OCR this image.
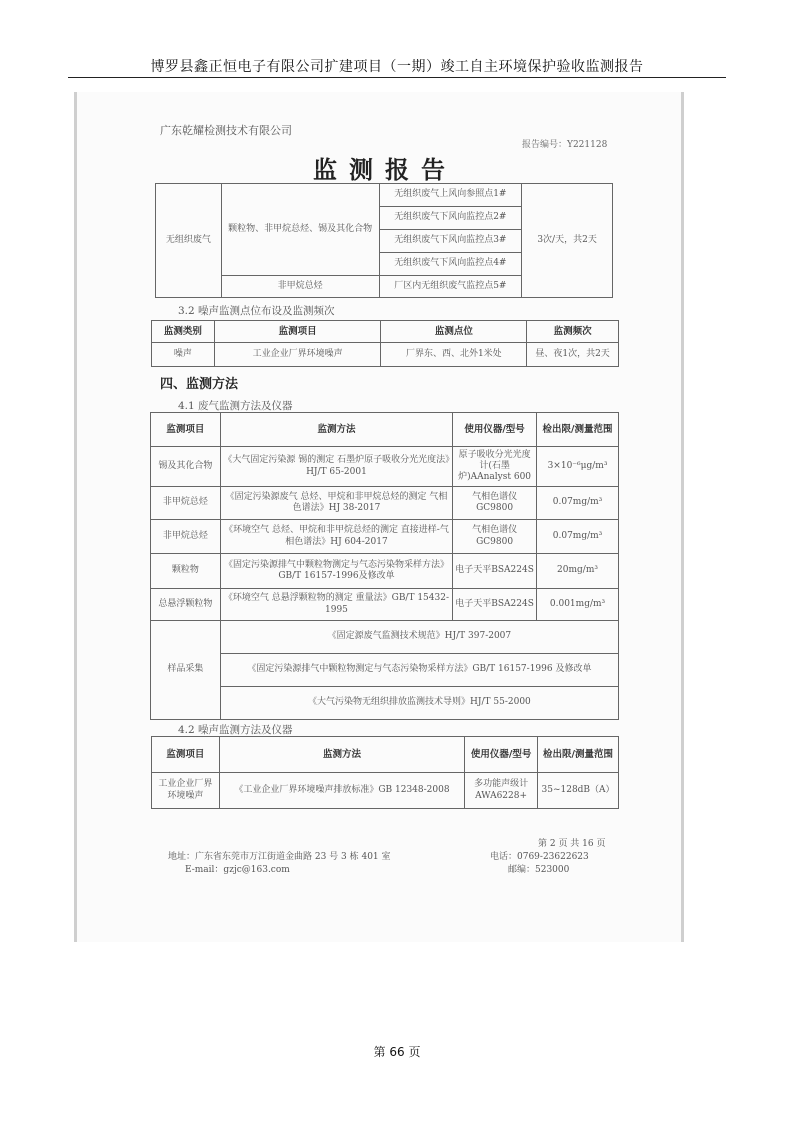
博罗县鑫正恒电子有限公司扩建项目（一期）竣工自主环境保护验收监测报告
广东乾耀检测技术有限公司
报告编号：Y221128
监测报告
无组织废气	颗粒物、非甲烷总烃、锡及其化合物	无组织废气上风向参照点1#	3次/天，共2天
		无组织废气下风向监控点2#	
		无组织废气下风向监控点3#	
		无组织废气下风向监控点4#	
	非甲烷总烃	厂区内无组织废气监控点5#	
3.2 噪声监测点位布设及监测频次
监测类别	监测项目	监测点位	监测频次
噪声	工业企业厂界环境噪声	厂界东、西、北外1米处	昼、夜1次，共2天
四、监测方法
4.1 废气监测方法及仪器
监测项目	监测方法	使用仪器/型号	检出限/测量范围
锡及其化合物	《大气固定污染源 锡的测定 石墨炉原子吸收分光光度法》HJ/T 65-2001	原子吸收分光光度计(石墨炉)AAnalyst 600	3×10⁻⁶μg/m³
非甲烷总烃	《固定污染源废气 总烃、甲烷和非甲烷总烃的测定 气相色谱法》HJ 38-2017	气相色谱仪GC9800	0.07mg/m³
非甲烷总烃	《环境空气 总烃、甲烷和非甲烷总烃的测定 直接进样-气相色谱法》HJ 604-2017	气相色谱仪GC9800	0.07mg/m³
颗粒物	《固定污染源排气中颗粒物测定与气态污染物采样方法》GB/T 16157-1996及修改单	电子天平BSA224S	20mg/m³
总悬浮颗粒物	《环境空气 总悬浮颗粒物的测定 重量法》GB/T 15432-1995	电子天平BSA224S	0.001mg/m³
样品采集	《固定源废气监测技术规范》HJ/T 397-2007		
	《固定污染源排气中颗粒物测定与气态污染物采样方法》GB/T 16157-1996 及修改单		
	《大气污染物无组织排放监测技术导则》HJ/T 55-2000		
4.2 噪声监测方法及仪器
监测项目	监测方法	使用仪器/型号	检出限/测量范围
工业企业厂界环境噪声	《工业企业厂界环境噪声排放标准》GB 12348-2008	多功能声级计AWA6228+	35~128dB（A）
第 2 页 共 16 页
地址：广东省东莞市万江街道金曲路 23 号 3 栋 401 室	电话：0769-23622623
E-mail：gzjc@163.com	邮编：523000
第 66 页
